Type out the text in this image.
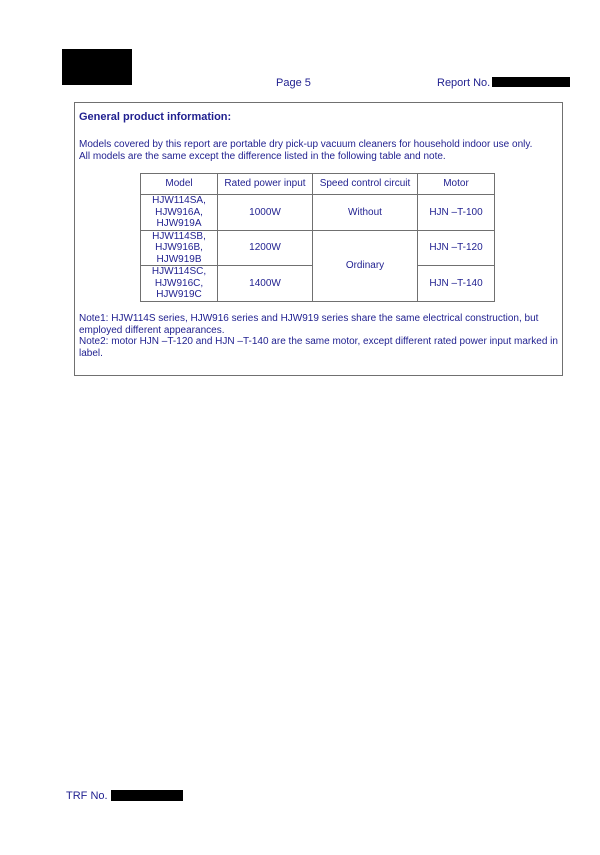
Page 5	Report No.
General product information:
Models covered by this report are portable dry pick-up vacuum cleaners for household indoor use only.
All models are the same except the difference listed in the following table and note.
Model	Rated power input	Speed control circuit	Motor

HJW114SA,
HJW916A,
HJW919A	1000W	Without	HJN –T-100

HJW114SB,
HJW916B,
HJW919B	1200W	Ordinary	HJN –T-120

HJW114SC,
HJW916C,
HJW919C	1400W		HJN –T-140
Note1: HJW114S series, HJW916 series and HJW919 series share the same electrical construction, but employed different appearances.
Note2: motor HJN –T-120 and HJN –T-140 are the same motor, except different rated power input marked in label.
TRF No.
